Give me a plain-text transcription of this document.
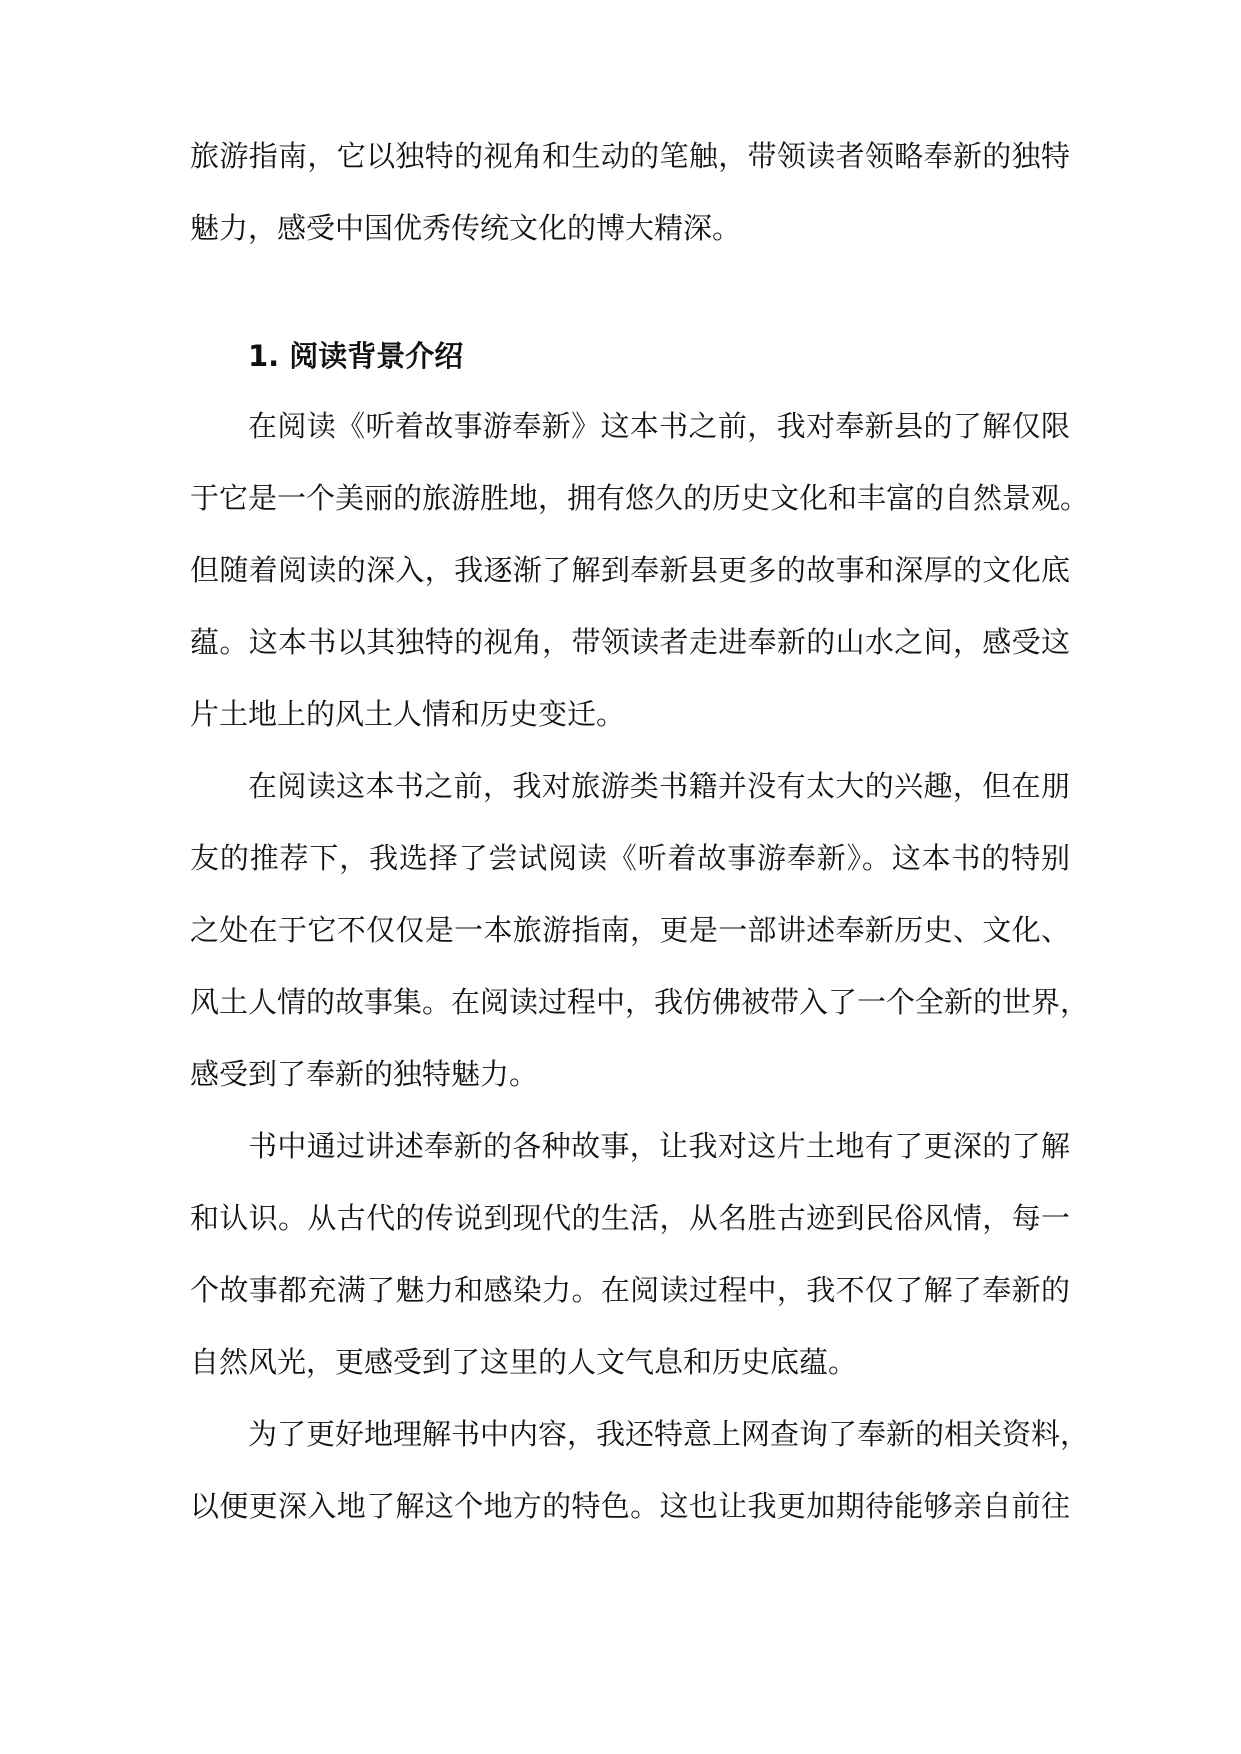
旅游指南，它以独特的视角和生动的笔触，带领读者领略奉新的独特

魅力，感受中国优秀传统文化的博大精深。

1. 阅读背景介绍

在阅读《听着故事游奉新》这本书之前，我对奉新县的了解仅限

于它是一个美丽的旅游胜地，拥有悠久的历史文化和丰富的自然景观。

但随着阅读的深入，我逐渐了解到奉新县更多的故事和深厚的文化底

蕴。这本书以其独特的视角，带领读者走进奉新的山水之间，感受这

片土地上的风土人情和历史变迁。

在阅读这本书之前，我对旅游类书籍并没有太大的兴趣，但在朋

友的推荐下，我选择了尝试阅读《听着故事游奉新》。这本书的特别

之处在于它不仅仅是一本旅游指南，更是一部讲述奉新历史、文化、

风土人情的故事集。在阅读过程中，我仿佛被带入了一个全新的世界，

感受到了奉新的独特魅力。

书中通过讲述奉新的各种故事，让我对这片土地有了更深的了解

和认识。从古代的传说到现代的生活，从名胜古迹到民俗风情，每一

个故事都充满了魅力和感染力。在阅读过程中，我不仅了解了奉新的

自然风光，更感受到了这里的人文气息和历史底蕴。

为了更好地理解书中内容，我还特意上网查询了奉新的相关资料，

以便更深入地了解这个地方的特色。这也让我更加期待能够亲自前往
